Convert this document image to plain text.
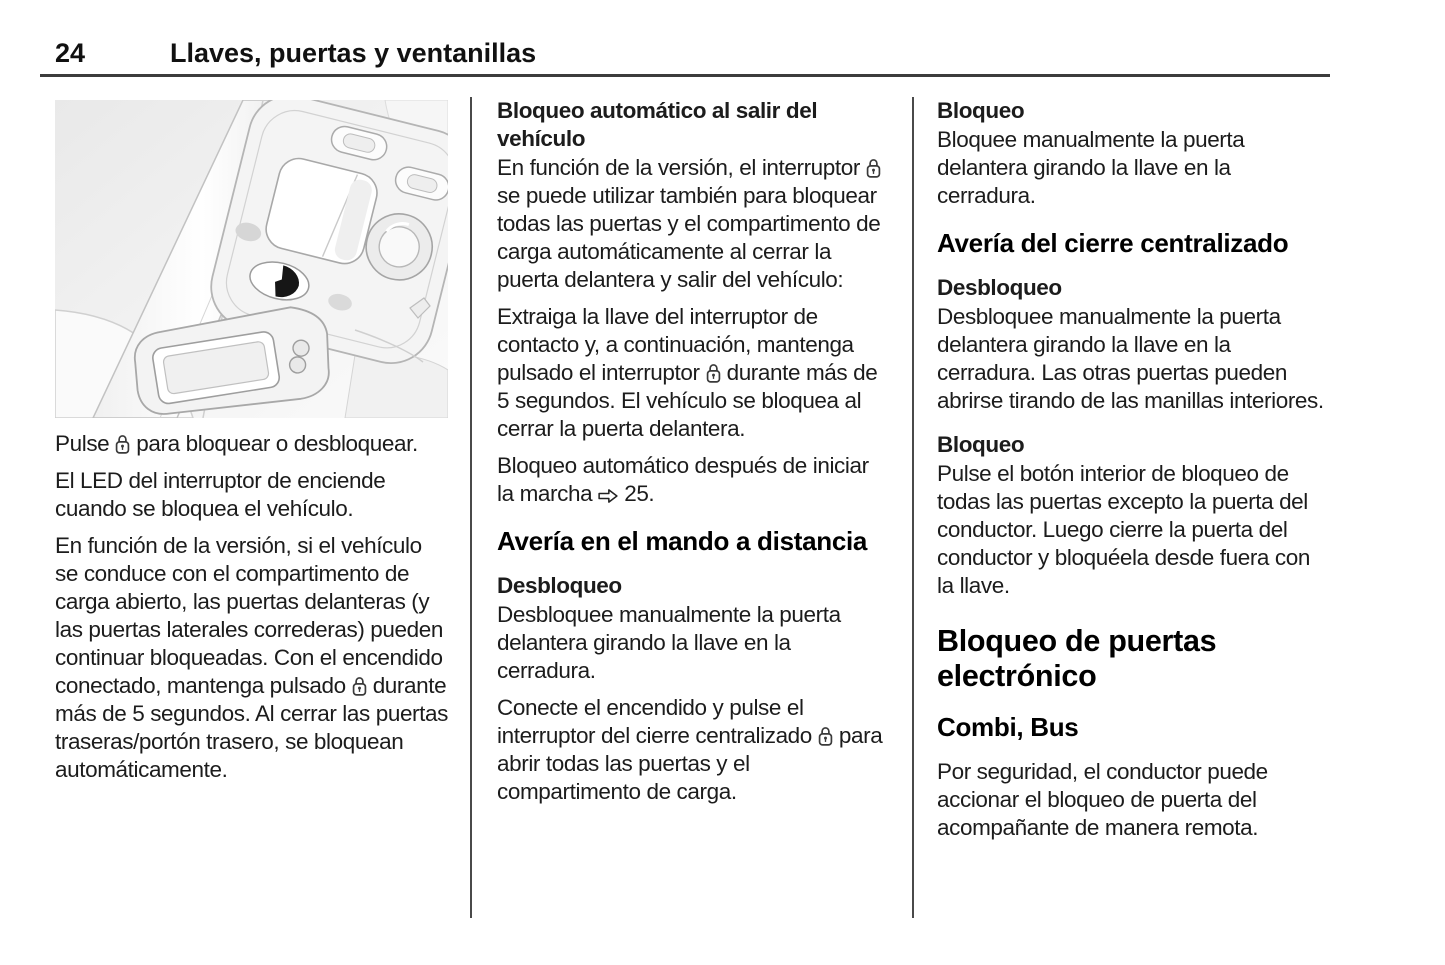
24	Llaves, puertas y ventanillas

Pulse para bloquear o desbloquear.

El LED del interruptor de enciende cuando se bloquea el vehículo.

En función de la versión, si el vehículo se conduce con el compartimento de carga abierto, las puertas delanteras (y las puertas laterales correderas) pueden continuar bloqueadas. Con el encendido conectado, mantenga pulsado durante más de 5 segundos. Al cerrar las puertas traseras/portón trasero, se bloquean automáticamente.

Bloqueo automático al salir del vehículo

En función de la versión, el interruptor
se puede utilizar también para bloquear todas las puertas y el compartimento de carga automáticamente al cerrar la puerta delantera y salir del vehículo:

Extraiga la llave del interruptor de contacto y, a continuación, mantenga pulsado el interruptor durante más de 5 segundos. El vehículo se bloquea al cerrar la puerta delantera.

Bloqueo automático después de iniciar la marcha 25.

Avería en el mando a distancia
Desbloqueo

Desbloquee manualmente la puerta delantera girando la llave en la cerradura.

Conecte el encendido y pulse el interruptor del cierre centralizado para abrir todas las puertas y el compartimento de carga.

Bloqueo

Bloquee manualmente la puerta delantera girando la llave en la cerradura.

Avería del cierre centralizado
Desbloqueo

Desbloquee manualmente la puerta delantera girando la llave en la cerradura. Las otras puertas pueden abrirse tirando de las manillas interiores.

Bloqueo

Pulse el botón interior de bloqueo de todas las puertas excepto la puerta del conductor. Luego cierre la puerta del conductor y bloquéela desde fuera con la llave.

Bloqueo de puertas electrónico
Combi, Bus

Por seguridad, el conductor puede accionar el bloqueo de puerta del acompañante de manera remota.
